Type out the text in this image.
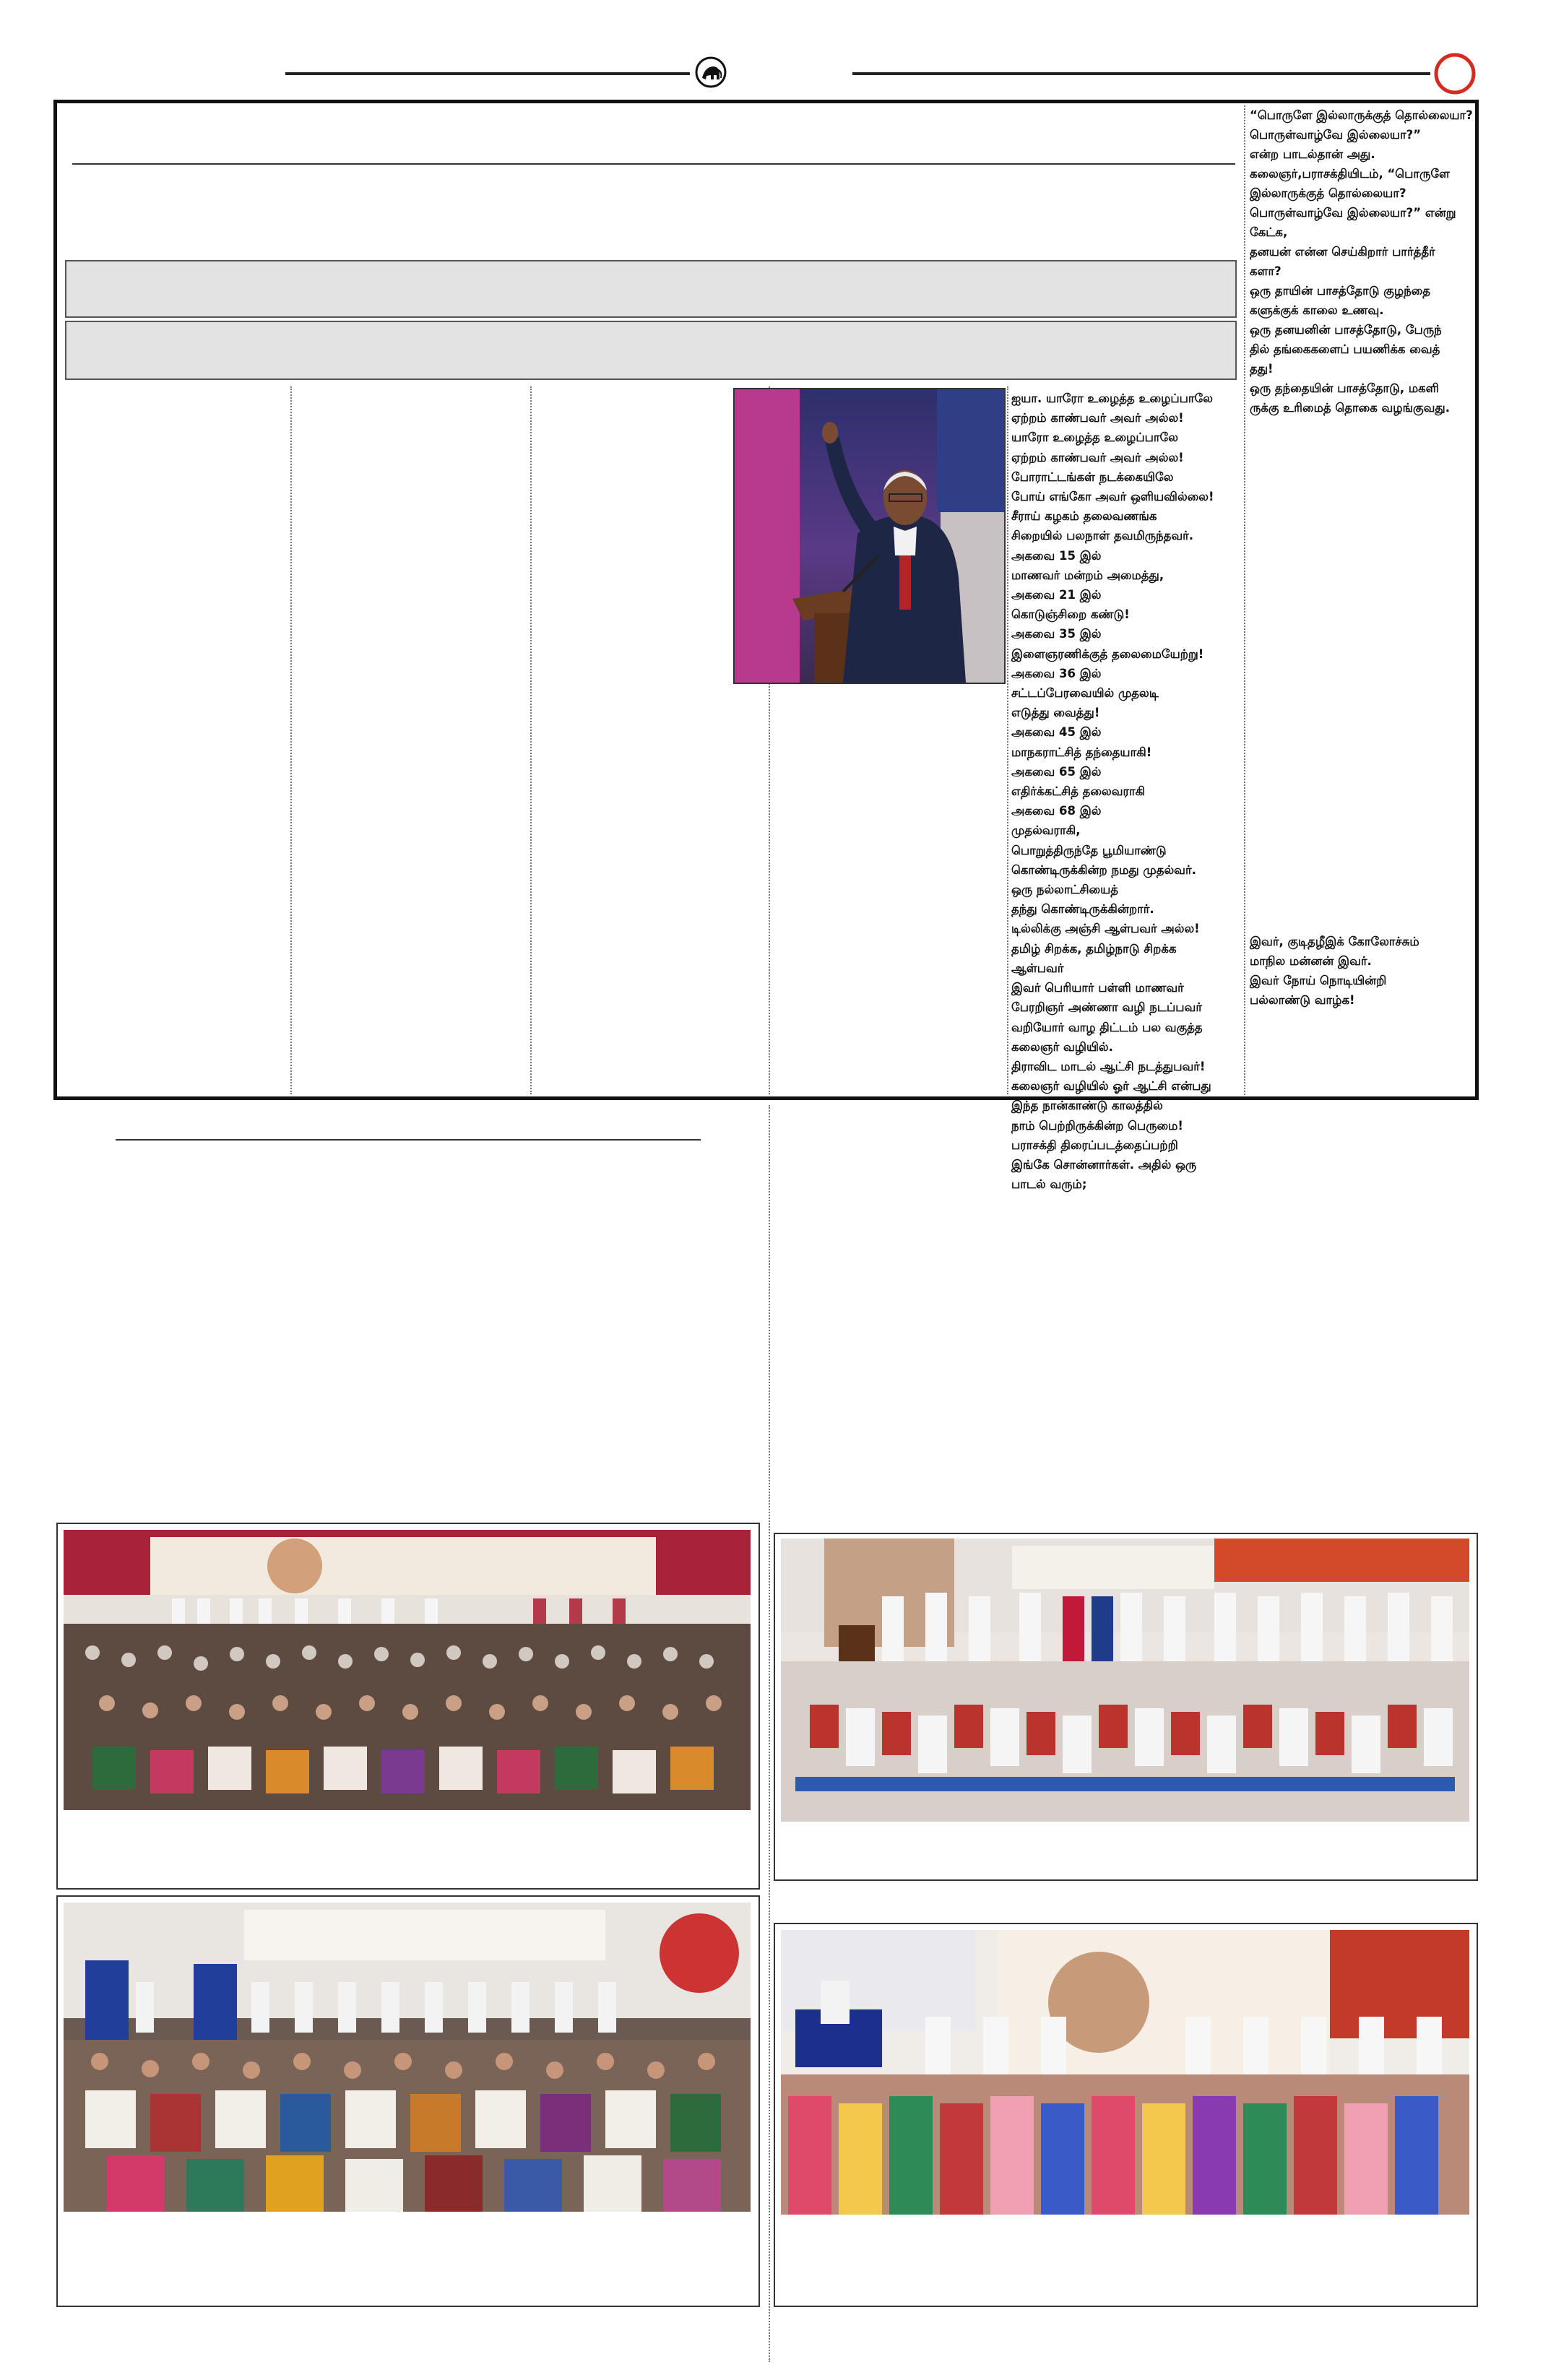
ஐயா. யாரோ உழைத்த உழைப்பாலே

ஏற்றம் காண்பவர் அவர் அல்ல!

யாரோ உழைத்த உழைப்பாலே

ஏற்றம் காண்பவர் அவர் அல்ல!

போராட்டங்கள் நடக்கையிலே

போய் எங்கோ அவர் ஒளியவில்லை!

சீராய் கழகம் தலைவணங்க

சிறையில் பலநாள் தவமிருந்தவர்.

அகவை 15 இல்

மாணவர் மன்றம் அமைத்து,

அகவை 21 இல்

கொடுஞ்சிறை கண்டு!

அகவை 35 இல்

இளைஞரணிக்குத் தலைமையேற்று!

அகவை 36 இல்

சட்டப்பேரவையில் முதலடி

எடுத்து வைத்து!

அகவை 45 இல்

மாநகராட்சித் தந்தையாகி!

அகவை 65 இல்

எதிர்க்கட்சித் தலைவராகி

அகவை 68 இல்

முதல்வராகி,

பொறுத்திருந்தே பூமியாண்டு

கொண்டிருக்கின்ற நமது முதல்வர்.

ஒரு நல்லாட்சியைத்

தந்து கொண்டிருக்கின்றார்.

டில்லிக்கு அஞ்சி ஆள்பவர் அல்ல!

தமிழ் சிறக்க, தமிழ்நாடு சிறக்க

ஆள்பவர்

இவர் பெரியார் பள்ளி மாணவர்

பேரறிஞர் அண்ணா வழி நடப்பவர்

வறியோர் வாழ திட்டம் பல வகுத்த

கலைஞர் வழியில்.

திராவிட மாடல் ஆட்சி நடத்துபவர்!

கலைஞர் வழியில் ஓர் ஆட்சி என்பது

இந்த நான்காண்டு காலத்தில்

நாம் பெற்றிருக்கின்ற பெருமை!

பராசக்தி திரைப்படத்தைப்பற்றி

இங்கே சொன்னார்கள். அதில் ஒரு

பாடல் வரும்;

“பொருளே இல்லாருக்குத் தொல்லையா?

பொருள்வாழ்வே இல்லையா?”

என்ற பாடல்தான் அது.

கலைஞர்,பராசக்தியிடம், “பொருளே

இல்லாருக்குத் தொல்லையா?

பொருள்வாழ்வே இல்லையா?” என்று

கேட்க,

தனயன் என்ன செய்கிறார் பார்த்தீர்

களா?

ஒரு தாயின் பாசத்தோடு குழந்தை

களுக்குக் காலை உணவு.

ஒரு தனயனின் பாசத்தோடு, பேருந்

தில் தங்கைகளைப் பயணிக்க வைத்

தது!

ஒரு தந்தையின் பாசத்தோடு, மகளி

ருக்கு உரிமைத் தொகை வழங்குவது.

இவர், குடிதழீஇக் கோலோச்சும்

மாநில மன்னன் இவர்.

இவர் நோய் நொடியின்றி

பல்லாண்டு வாழ்க!
